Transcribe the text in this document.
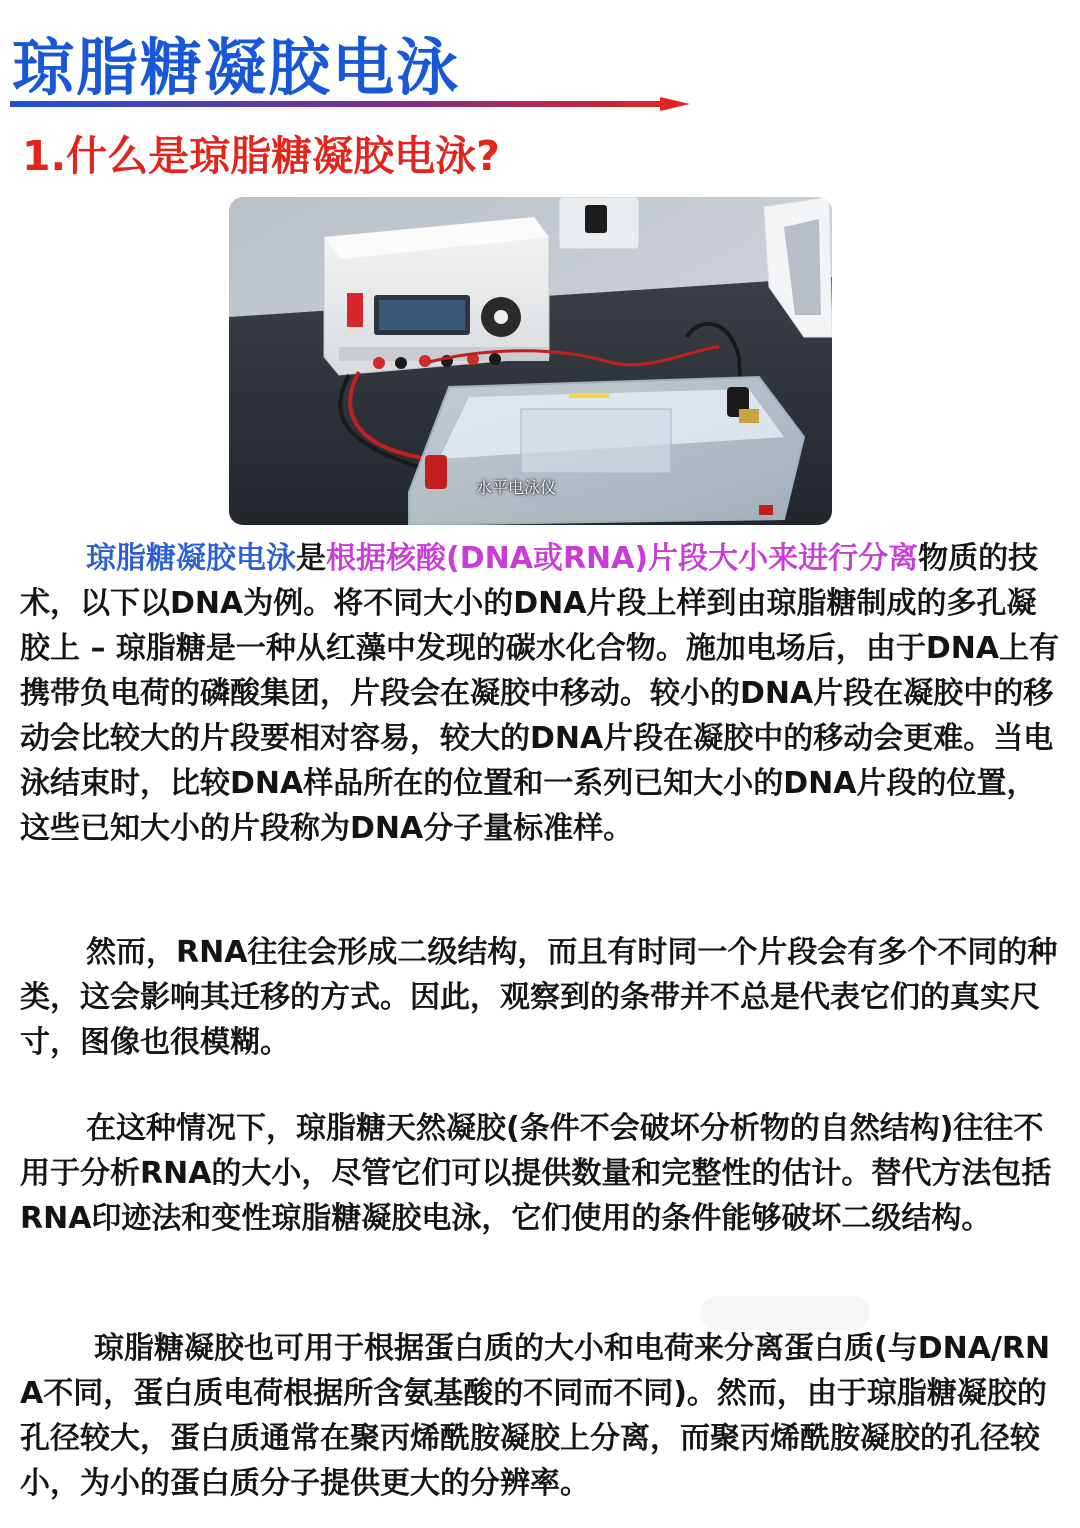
琼脂糖凝胶电泳
1.什么是琼脂糖凝胶电泳?
水平电泳仪

琼脂糖凝胶电泳是根据核酸(DNA或RNA)片段大小来进行分离物质的技术，以下以DNA为例。将不同大小的DNA片段上样到由琼脂糖制成的多孔凝胶上 – 琼脂糖是一种从红藻中发现的碳水化合物。施加电场后，由于DNA上有携带负电荷的磷酸集团，片段会在凝胶中移动。较小的DNA片段在凝胶中的移动会比较大的片段要相对容易，较大的DNA片段在凝胶中的移动会更难。当电泳结束时，比较DNA样品所在的位置和一系列已知大小的DNA片段的位置，这些已知大小的片段称为DNA分子量标准样。

然而，RNA往往会形成二级结构，而且有时同一个片段会有多个不同的种类，这会影响其迁移的方式。因此，观察到的条带并不总是代表它们的真实尺寸，图像也很模糊。

在这种情况下，琼脂糖天然凝胶(条件不会破坏分析物的自然结构)往往不用于分析RNA的大小，尽管它们可以提供数量和完整性的估计。替代方法包括RNA印迹法和变性琼脂糖凝胶电泳，它们使用的条件能够破坏二级结构。

琼脂糖凝胶也可用于根据蛋白质的大小和电荷来分离蛋白质(与DNA/RNA不同，蛋白质电荷根据所含氨基酸的不同而不同)。然而，由于琼脂糖凝胶的孔径较大，蛋白质通常在聚丙烯酰胺凝胶上分离，而聚丙烯酰胺凝胶的孔径较小，为小的蛋白质分子提供更大的分辨率。
